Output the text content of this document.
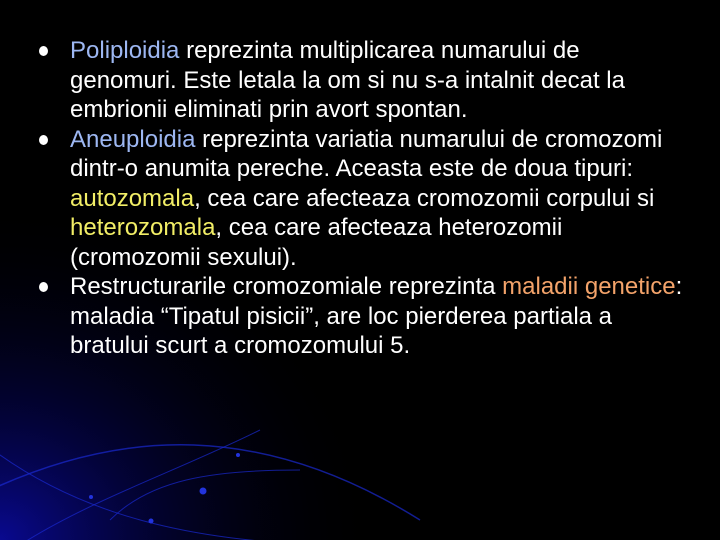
Poliploidia reprezinta multiplicarea numarului de genomuri. Este letala la om si nu s-a intalnit decat la embrionii eliminati prin avort spontan.
Aneuploidia reprezinta variatia numarului de cromozomi dintr-o anumita pereche. Aceasta este de doua tipuri: autozomala, cea care afecteaza cromozomii corpului si heterozomala, cea care afecteaza heterozomii (cromozomii sexului).
Restructurarile cromozomiale reprezinta maladii genetice: maladia “Tipatul pisicii”, are loc pierderea partiala a bratului scurt a cromozomului 5.
